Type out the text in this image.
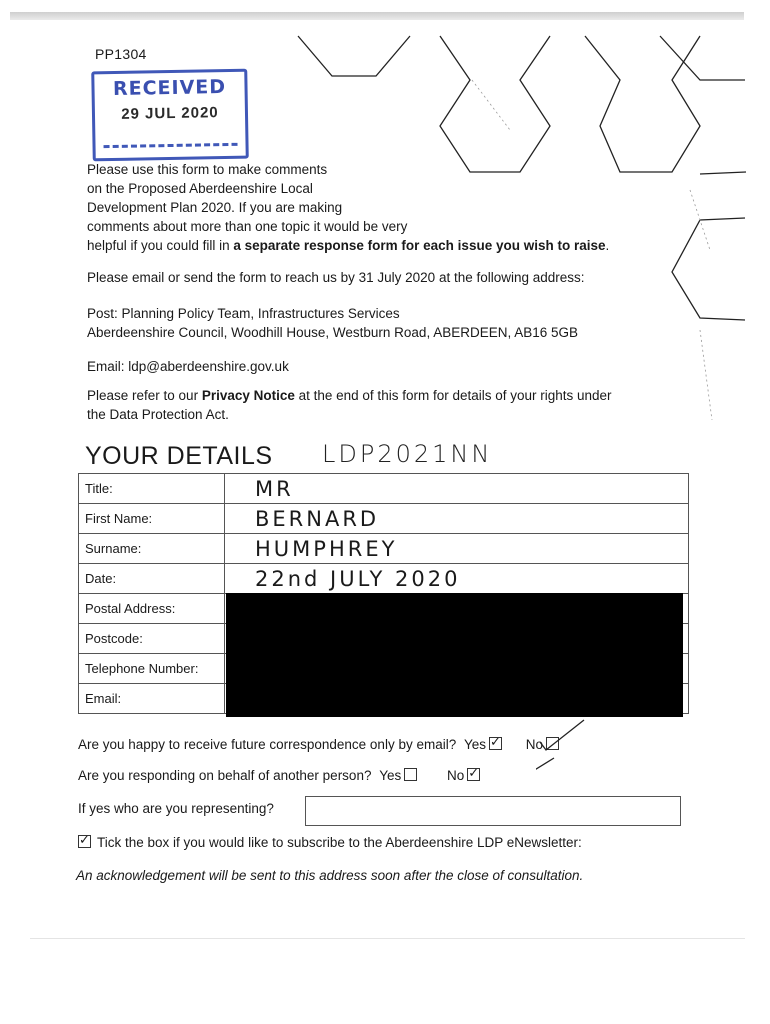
PP1304
RECEIVED
29 JUL 2020
Please use this form to make comments
on the Proposed Aberdeenshire Local
Development Plan 2020. If you are making
comments about more than one topic it would be very
helpful if you could fill in a separate response form for each issue you wish to raise.
Please email or send the form to reach us by 31 July 2020 at the following address:
Post: Planning Policy Team, Infrastructures Services
Aberdeenshire Council, Woodhill House, Westburn Road, ABERDEEN, AB16 5GB
Email: ldp@aberdeenshire.gov.uk
Please refer to our Privacy Notice at the end of this form for details of your rights under
the Data Protection Act.
YOUR DETAILS LDP2021NN
Title:	MR
First Name:	BERNARD
Surname:	HUMPHREY
Date:	22nd JULY 2020
Postal Address:	
Postcode:	
Telephone Number:	
Email:	
Are you happy to receive future correspondence only by email? Yes ✓	No
Are you responding on behalf of another person? Yes	No✓
If yes who are you representing?
✓Tick the box if you would like to subscribe to the Aberdeenshire LDP eNewsletter:
An acknowledgement will be sent to this address soon after the close of consultation.
